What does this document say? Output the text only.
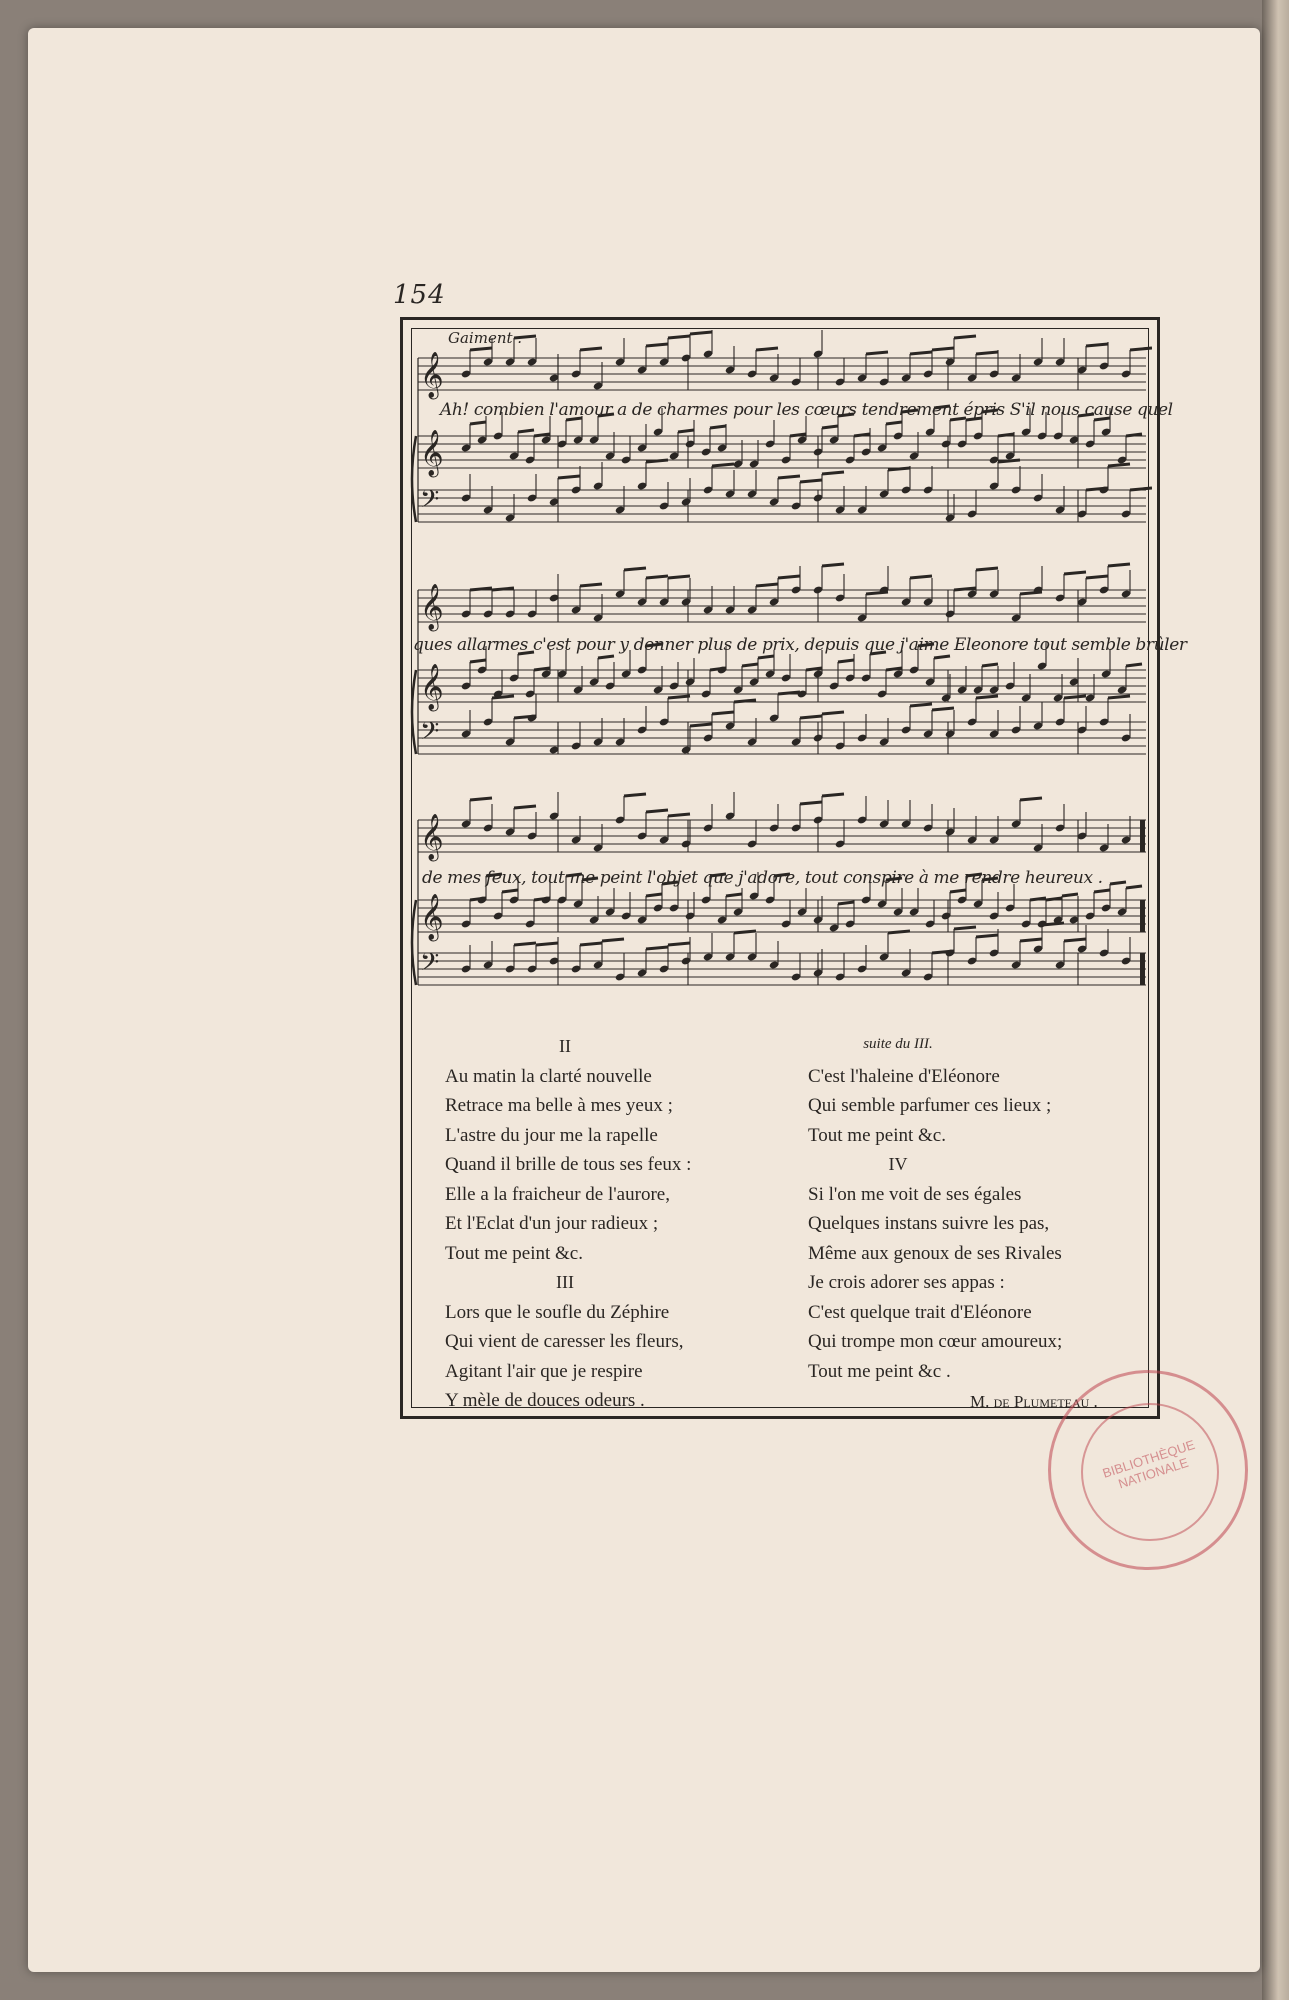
154
𝄞
𝄞
𝄢
𝄞
𝄞
𝄢
𝄞
𝄞
𝄢
Gaiment .
Ah! combien l'amour a de charmes pour les cœurs tendrement épris S'il nous cause quel
ques allarmes c'est pour y donner plus de prix, depuis que j'aime Eleonore tout semble brûler
de mes feux, tout me peint l'objet que j'adore, tout conspire à me rendre heureux .
II
Au matin la clarté nouvelle
Retrace ma belle à mes yeux ;
L'astre du jour me la rapelle
Quand il brille de tous ses feux :
Elle a la fraicheur de l'aurore,
Et l'Eclat d'un jour radieux ;
Tout me peint &c.
III
Lors que le soufle du Zéphire
Qui vient de caresser les fleurs,
Agitant l'air que je respire
Y mèle de douces odeurs .
suite du III.
C'est l'haleine d'Eléonore
Qui semble parfumer ces lieux ;
Tout me peint &c.
IV
Si l'on me voit de ses égales
Quelques instans suivre les pas,
Même aux genoux de ses Rivales
Je crois adorer ses appas :
C'est quelque trait d'Eléonore
Qui trompe mon cœur amoureux;
Tout me peint &c .
M. de Plumeteau .
BIBLIOTHÈQUE NATIONALE
